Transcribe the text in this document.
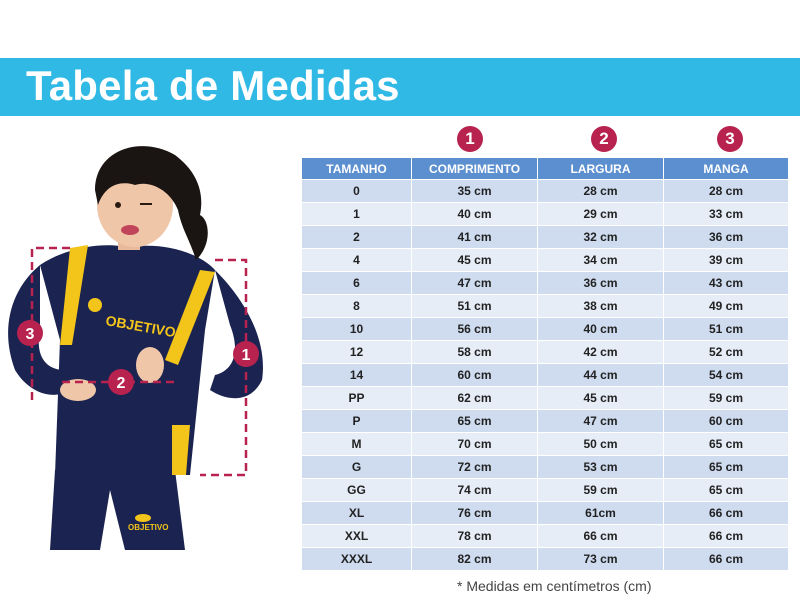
Tabela de Medidas
OBJETIVO
OBJETIVO
3
2
1
1	2	3
TAMANHO	COMPRIMENTO	LARGURA	MANGA
0	35 cm	28 cm	28 cm
1	40 cm	29 cm	33 cm
2	41 cm	32 cm	36 cm
4	45 cm	34 cm	39 cm
6	47 cm	36 cm	43 cm
8	51 cm	38 cm	49 cm
10	56 cm	40 cm	51 cm
12	58 cm	42 cm	52 cm
14	60 cm	44 cm	54 cm
PP	62 cm	45 cm	59 cm
P	65 cm	47 cm	60 cm
M	70 cm	50 cm	65 cm
G	72 cm	53 cm	65 cm
GG	74 cm	59 cm	65 cm
XL	76 cm	61cm	66 cm
XXL	78 cm	66 cm	66 cm
XXXL	82 cm	73 cm	66 cm
* Medidas em centímetros (cm)
